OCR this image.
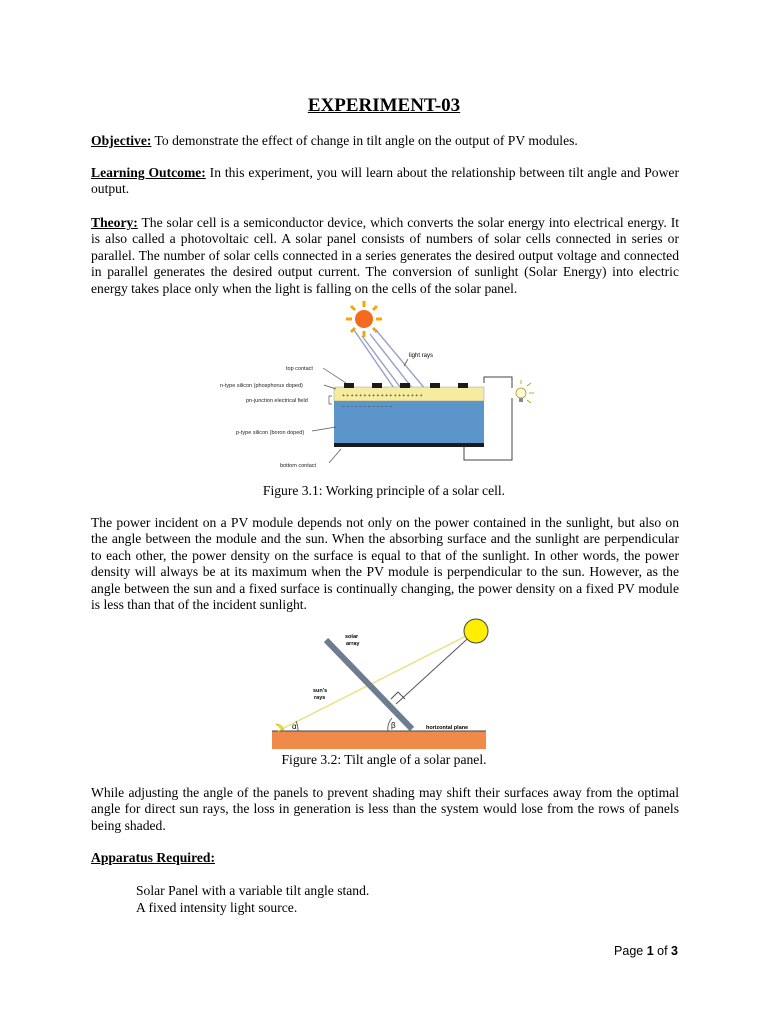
EXPERIMENT-03

Objective: To demonstrate the effect of change in tilt angle on the output of PV modules.

Learning Outcome: In this experiment, you will learn about the relationship between tilt angle and Power output.

Theory: The solar cell is a semiconductor device, which converts the solar energy into electrical energy. It is also called a photovoltaic cell. A solar panel consists of numbers of solar cells connected in series or parallel. The number of solar cells connected in a series generates the desired output voltage and connected in parallel generates the desired output current. The conversion of sunlight (Solar Energy) into electric energy takes place only when the light is falling on the cells of the solar panel.

light rays
+ + + + + + + + + + + + + + + + + + +
− − − − − − − − − − − −
top contact
n-type silicon (phosphorus doped)
pn-junction electrical field
p-type silicon (boron doped)
bottom contact
Figure 3.1: Working principle of a solar cell.

The power incident on a PV module depends not only on the power contained in the sunlight, but also on the angle between the module and the sun. When the absorbing surface and the sunlight are perpendicular to each other, the power density on the surface is equal to that of the sunlight. In other words, the power density will always be at its maximum when the PV module is perpendicular to the sun. However, as the angle between the sun and a fixed surface is continually changing, the power density on a fixed PV module is less than that of the incident sunlight.

solar
array
sun's
rays
horizontal plane
α	β
Figure 3.2: Tilt angle of a solar panel.

While adjusting the angle of the panels to prevent shading may shift their surfaces away from the optimal angle for direct sun rays, the loss in generation is less than the system would lose from the rows of panels being shaded.

Apparatus Required:
Solar Panel with a variable tilt angle stand.
A fixed intensity light source.
Page 1 of 3
